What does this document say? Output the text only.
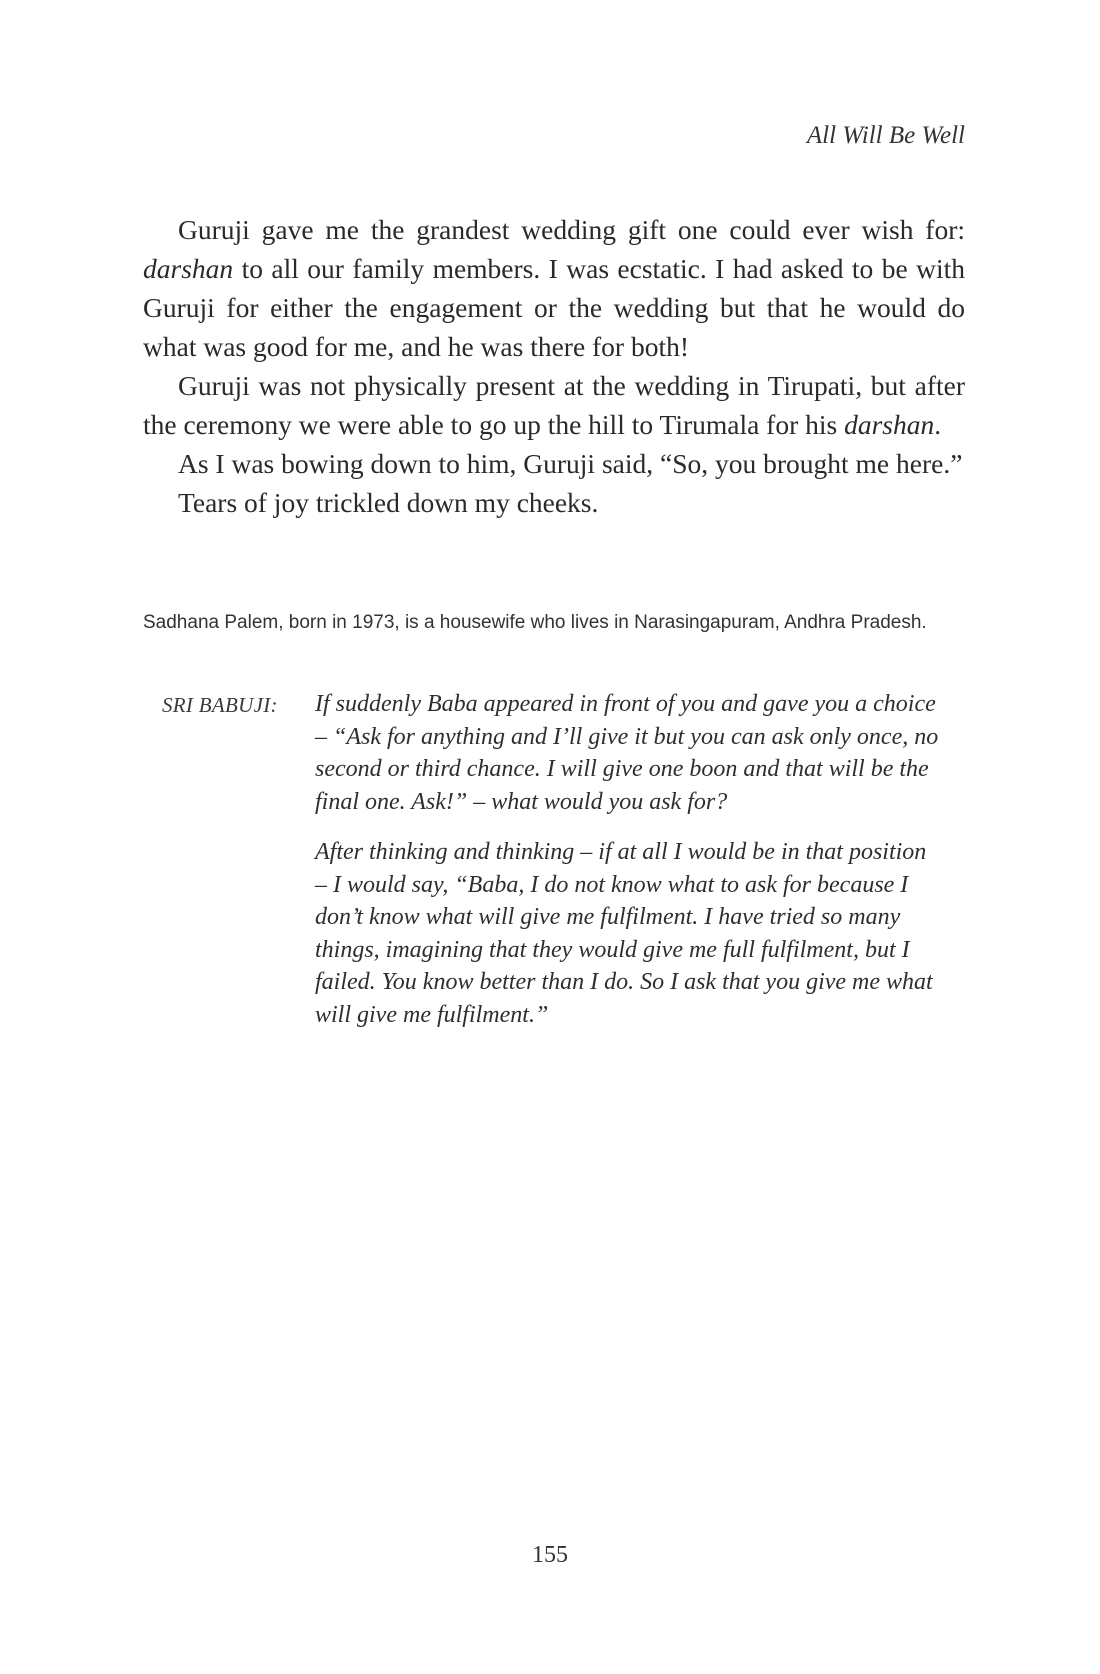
All Will Be Well

Guruji gave me the grandest wedding gift one could ever wish for: darshan to all our family members. I was ecstatic. I had asked to be with Guruji for either the engagement or the wedding but that he would do what was good for me, and he was there for both!

Guruji was not physically present at the wedding in Tirupati, but after the ceremony we were able to go up the hill to Tirumala for his darshan.

As I was bowing down to him, Guruji said, “So, you brought me here.”

Tears of joy trickled down my cheeks.

Sadhana Palem, born in 1973, is a housewife who lives in Narasingapuram, Andhra Pradesh.
SRI BABUJI: If suddenly Baba appeared in front of you and gave you a choice – “Ask for anything and I’ll give it but you can ask only once, no second or third chance. I will give one boon and that will be the final one. Ask!” – what would you ask for?

After thinking and thinking – if at all I would be in that position – I would say, “Baba, I do not know what to ask for because I don’t know what will give me fulfilment. I have tried so many things, imagining that they would give me full fulfilment, but I failed. You know better than I do. So I ask that you give me what will give me fulfilment.”

155
